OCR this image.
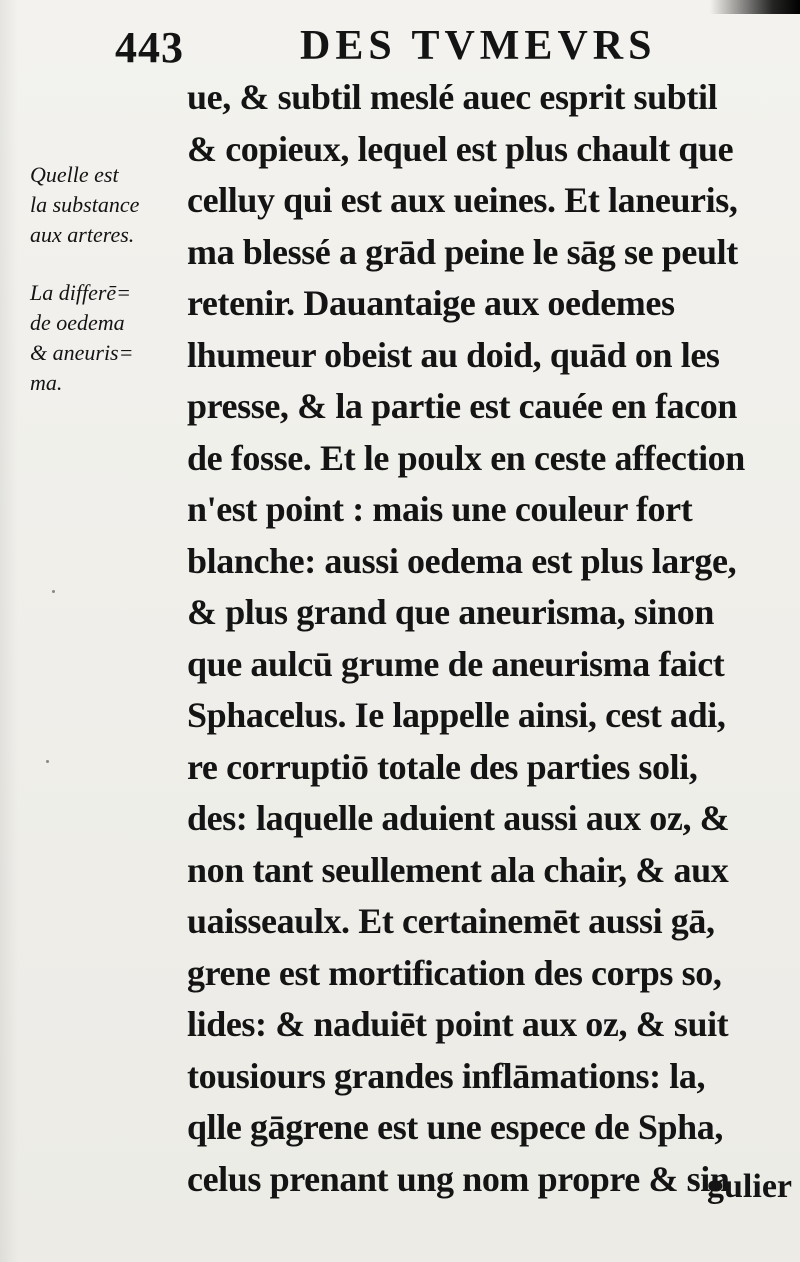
443	DES TVMEVRS
Quelle est
la substance
aux arteres.
La differē=
de oedema
& aneuris=
ma.
ue, & subtil meslé auec esprit subtil
& copieux, lequel est plus chault que
celluy qui est aux ueines. Et laneuris,
ma blessé a grād peine le sāg se peult
retenir. Dauantaige aux oedemes
lhumeur obeist au doid, quād on les
presse, & la partie est cauée en facon
de fosse. Et le poulx en ceste affection
n'est point : mais une couleur fort
blanche: aussi oedema est plus large,
& plus grand que aneurisma, sinon
que aulcū grume de aneurisma faict
Sphacelus. Ie lappelle ainsi, cest adi,
re corruptiō totale des parties soli,
des: laquelle aduient aussi aux oz, &
non tant seullement ala chair, & aux
uaisseaulx. Et certainemēt aussi gā,
grene est mortification des corps so,
lides: & naduiēt point aux oz, & suit
tousiours grandes inflāmations: la,
qlle gāgrene est une espece de Spha,
celus prenant ung nom propre & sin
gulier
